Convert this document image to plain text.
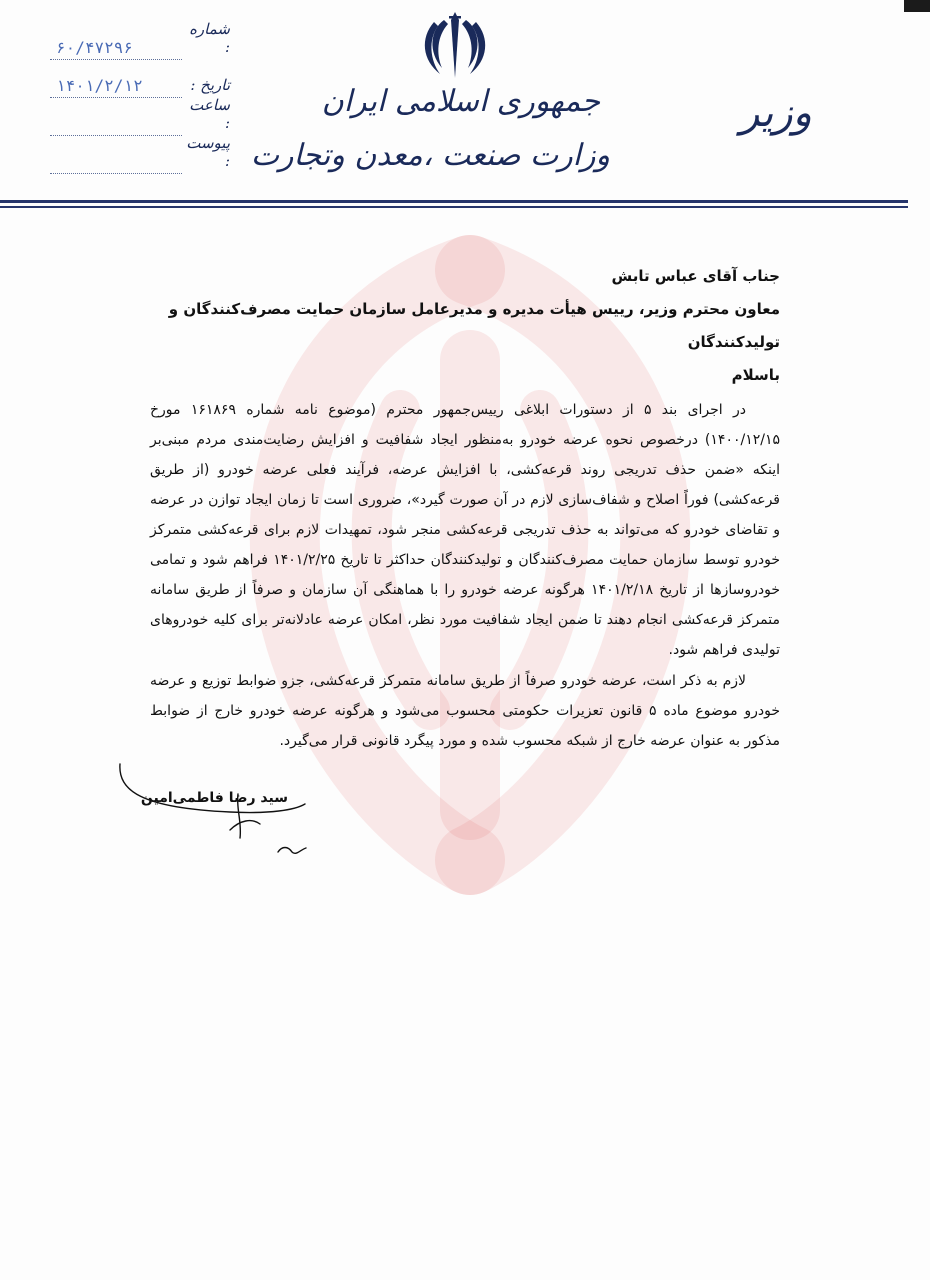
جمهوری اسلامی ایران
وزارت صنعت ،معدن وتجارت
وزیر
شماره :
۶۰/۴۷۲۹۶
تاریخ :
۱۴۰۱/۲/۱۲
ساعت :
پیوست :
جناب آقای عباس تابش
معاون محترم وزیر، رییس هیأت مدیره و مدیرعامل سازمان حمایت مصرف‌کنندگان و تولیدکنندگان
باسلام

در اجرای بند ۵ از دستورات ابلاغی رییس‌جمهور محترم (موضوع نامه شماره ۱۶۱۸۶۹ مورخ ۱۴۰۰/۱۲/۱۵) درخصوص نحوه عرضه خودرو به‌منظور ایجاد شفافیت و افزایش رضایت‌مندی مردم مبنی‌بر اینکه «ضمن حذف تدریجی روند قرعه‌کشی، با افزایش عرضه، فرآیند فعلی عرضه خودرو (از طریق قرعه‌کشی) فوراً اصلاح و شفاف‌سازی لازم در آن صورت گیرد»، ضروری است تا زمان ایجاد توازن در عرضه و تقاضای خودرو که می‌تواند به حذف تدریجی قرعه‌کشی منجر شود، تمهیدات لازم برای قرعه‌کشی متمرکز خودرو توسط سازمان حمایت مصرف‌کنندگان و تولیدکنندگان حداکثر تا تاریخ ۱۴۰۱/۲/۲۵ فراهم شود و تمامی خودروسازها از تاریخ ۱۴۰۱/۲/۱۸ هرگونه عرضه خودرو را با هماهنگی آن سازمان و صرفاً از طریق سامانه متمرکز قرعه‌کشی انجام دهند تا ضمن ایجاد شفافیت مورد نظر، امکان عرضه عادلانه‌تر برای کلیه خودروهای تولیدی فراهم شود.

لازم به ذکر است، عرضه خودرو صرفاً از طریق سامانه متمرکز قرعه‌کشی، جزو ضوابط توزیع و عرضه خودرو موضوع ماده ۵ قانون تعزیرات حکومتی محسوب می‌شود و هرگونه عرضه خودرو خارج از ضوابط مذکور به عنوان عرضه خارج از شبکه محسوب شده و مورد پیگرد قانونی قرار می‌گیرد.

سید رضا فاطمی‌امین
